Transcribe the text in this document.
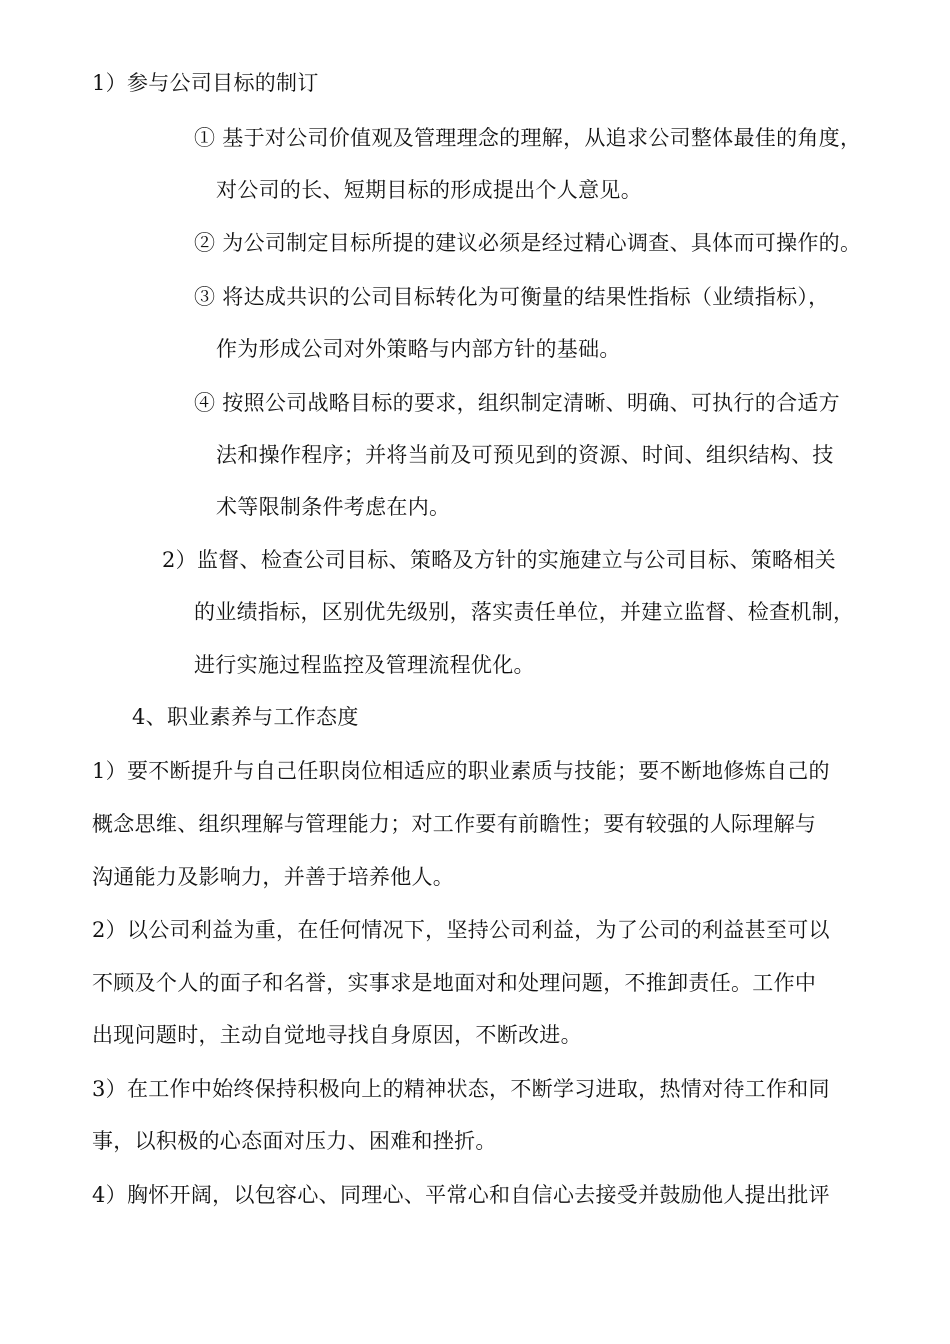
1）参与公司目标的制订
① 基于对公司价值观及管理理念的理解，从追求公司整体最佳的角度，
对公司的长、短期目标的形成提出个人意见。
② 为公司制定目标所提的建议必须是经过精心调查、具体而可操作的。
③ 将达成共识的公司目标转化为可衡量的结果性指标（业绩指标），
作为形成公司对外策略与内部方针的基础。
④ 按照公司战略目标的要求，组织制定清晰、明确、可执行的合适方
法和操作程序；并将当前及可预见到的资源、时间、组织结构、技
术等限制条件考虑在内。
2）监督、检查公司目标、策略及方针的实施建立与公司目标、策略相关
的业绩指标，区别优先级别，落实责任单位，并建立监督、检查机制，
进行实施过程监控及管理流程优化。
4、职业素养与工作态度
1）要不断提升与自己任职岗位相适应的职业素质与技能；要不断地修炼自己的
概念思维、组织理解与管理能力；对工作要有前瞻性；要有较强的人际理解与
沟通能力及影响力，并善于培养他人。
2）以公司利益为重，在任何情况下，坚持公司利益，为了公司的利益甚至可以
不顾及个人的面子和名誉，实事求是地面对和处理问题，不推卸责任。工作中
出现问题时，主动自觉地寻找自身原因，不断改进。
3）在工作中始终保持积极向上的精神状态，不断学习进取，热情对待工作和同
事，以积极的心态面对压力、困难和挫折。
4）胸怀开阔，以包容心、同理心、平常心和自信心去接受并鼓励他人提出批评
